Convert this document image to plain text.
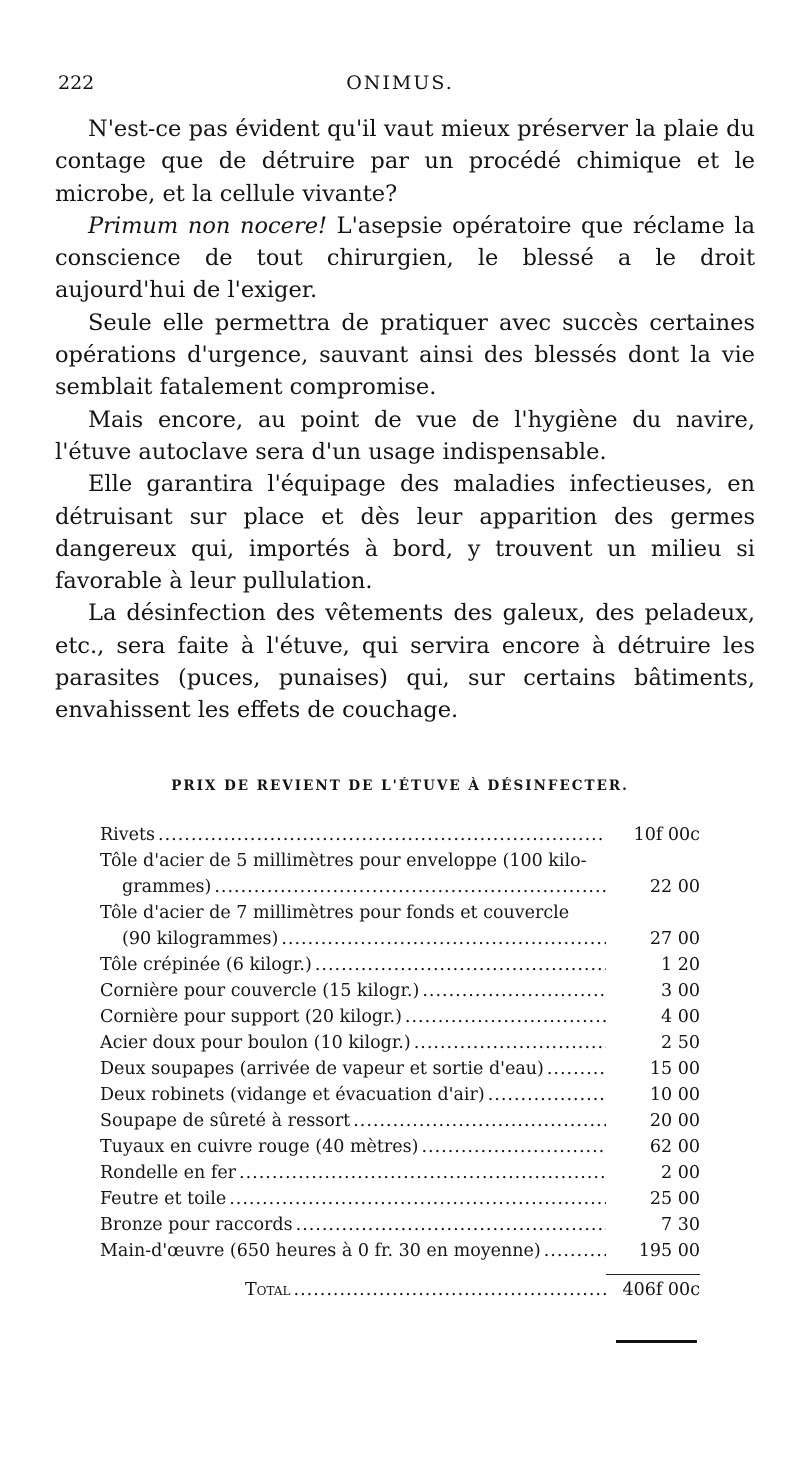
222	ONIMUS.

N'est-ce pas évident qu'il vaut mieux préserver la plaie du contage que de détruire par un procédé chimique et le microbe, et la cellule vivante?

Primum non nocere! L'asepsie opératoire que réclame la conscience de tout chirurgien, le blessé a le droit aujourd'hui de l'exiger.

Seule elle permettra de pratiquer avec succès certaines opérations d'urgence, sauvant ainsi des blessés dont la vie semblait fatalement compromise.

Mais encore, au point de vue de l'hygiène du navire, l'étuve autoclave sera d'un usage indispensable.

Elle garantira l'équipage des maladies infectieuses, en détruisant sur place et dès leur apparition des germes dangereux qui, importés à bord, y trouvent un milieu si favorable à leur pullulation.

La désinfection des vêtements des galeux, des peladeux, etc., sera faite à l'étuve, qui servira encore à détruire les parasites (puces, punaises) qui, sur certains bâtiments, envahissent les effets de couchage.

PRIX DE REVIENT DE L'ÉTUVE À DÉSINFECTER.
Rivets .....	10f 00c
Tôle d'acier de 5 millimètres pour enveloppe (100 kilo-
grammes) .....	22 00
Tôle d'acier de 7 millimètres pour fonds et couvercle
(90 kilogrammes) .....	27 00
Tôle crépinée (6 kilogr.) .....	1 20
Cornière pour couvercle (15 kilogr.) .....	3 00
Cornière pour support (20 kilogr.) .....	4 00
Acier doux pour boulon (10 kilogr.) .....	2 50
Deux soupapes (arrivée de vapeur et sortie d'eau) .....	15 00
Deux robinets (vidange et évacuation d'air) .....	10 00
Soupape de sûreté à ressort .....	20 00
Tuyaux en cuivre rouge (40 mètres) .....	62 00
Rondelle en fer .....	2 00
Feutre et toile .....	25 00
Bronze pour raccords .....	7 30
Main-d'œuvre (650 heures à 0 fr. 30 en moyenne) .....	195 00
Total .....	406f 00c
